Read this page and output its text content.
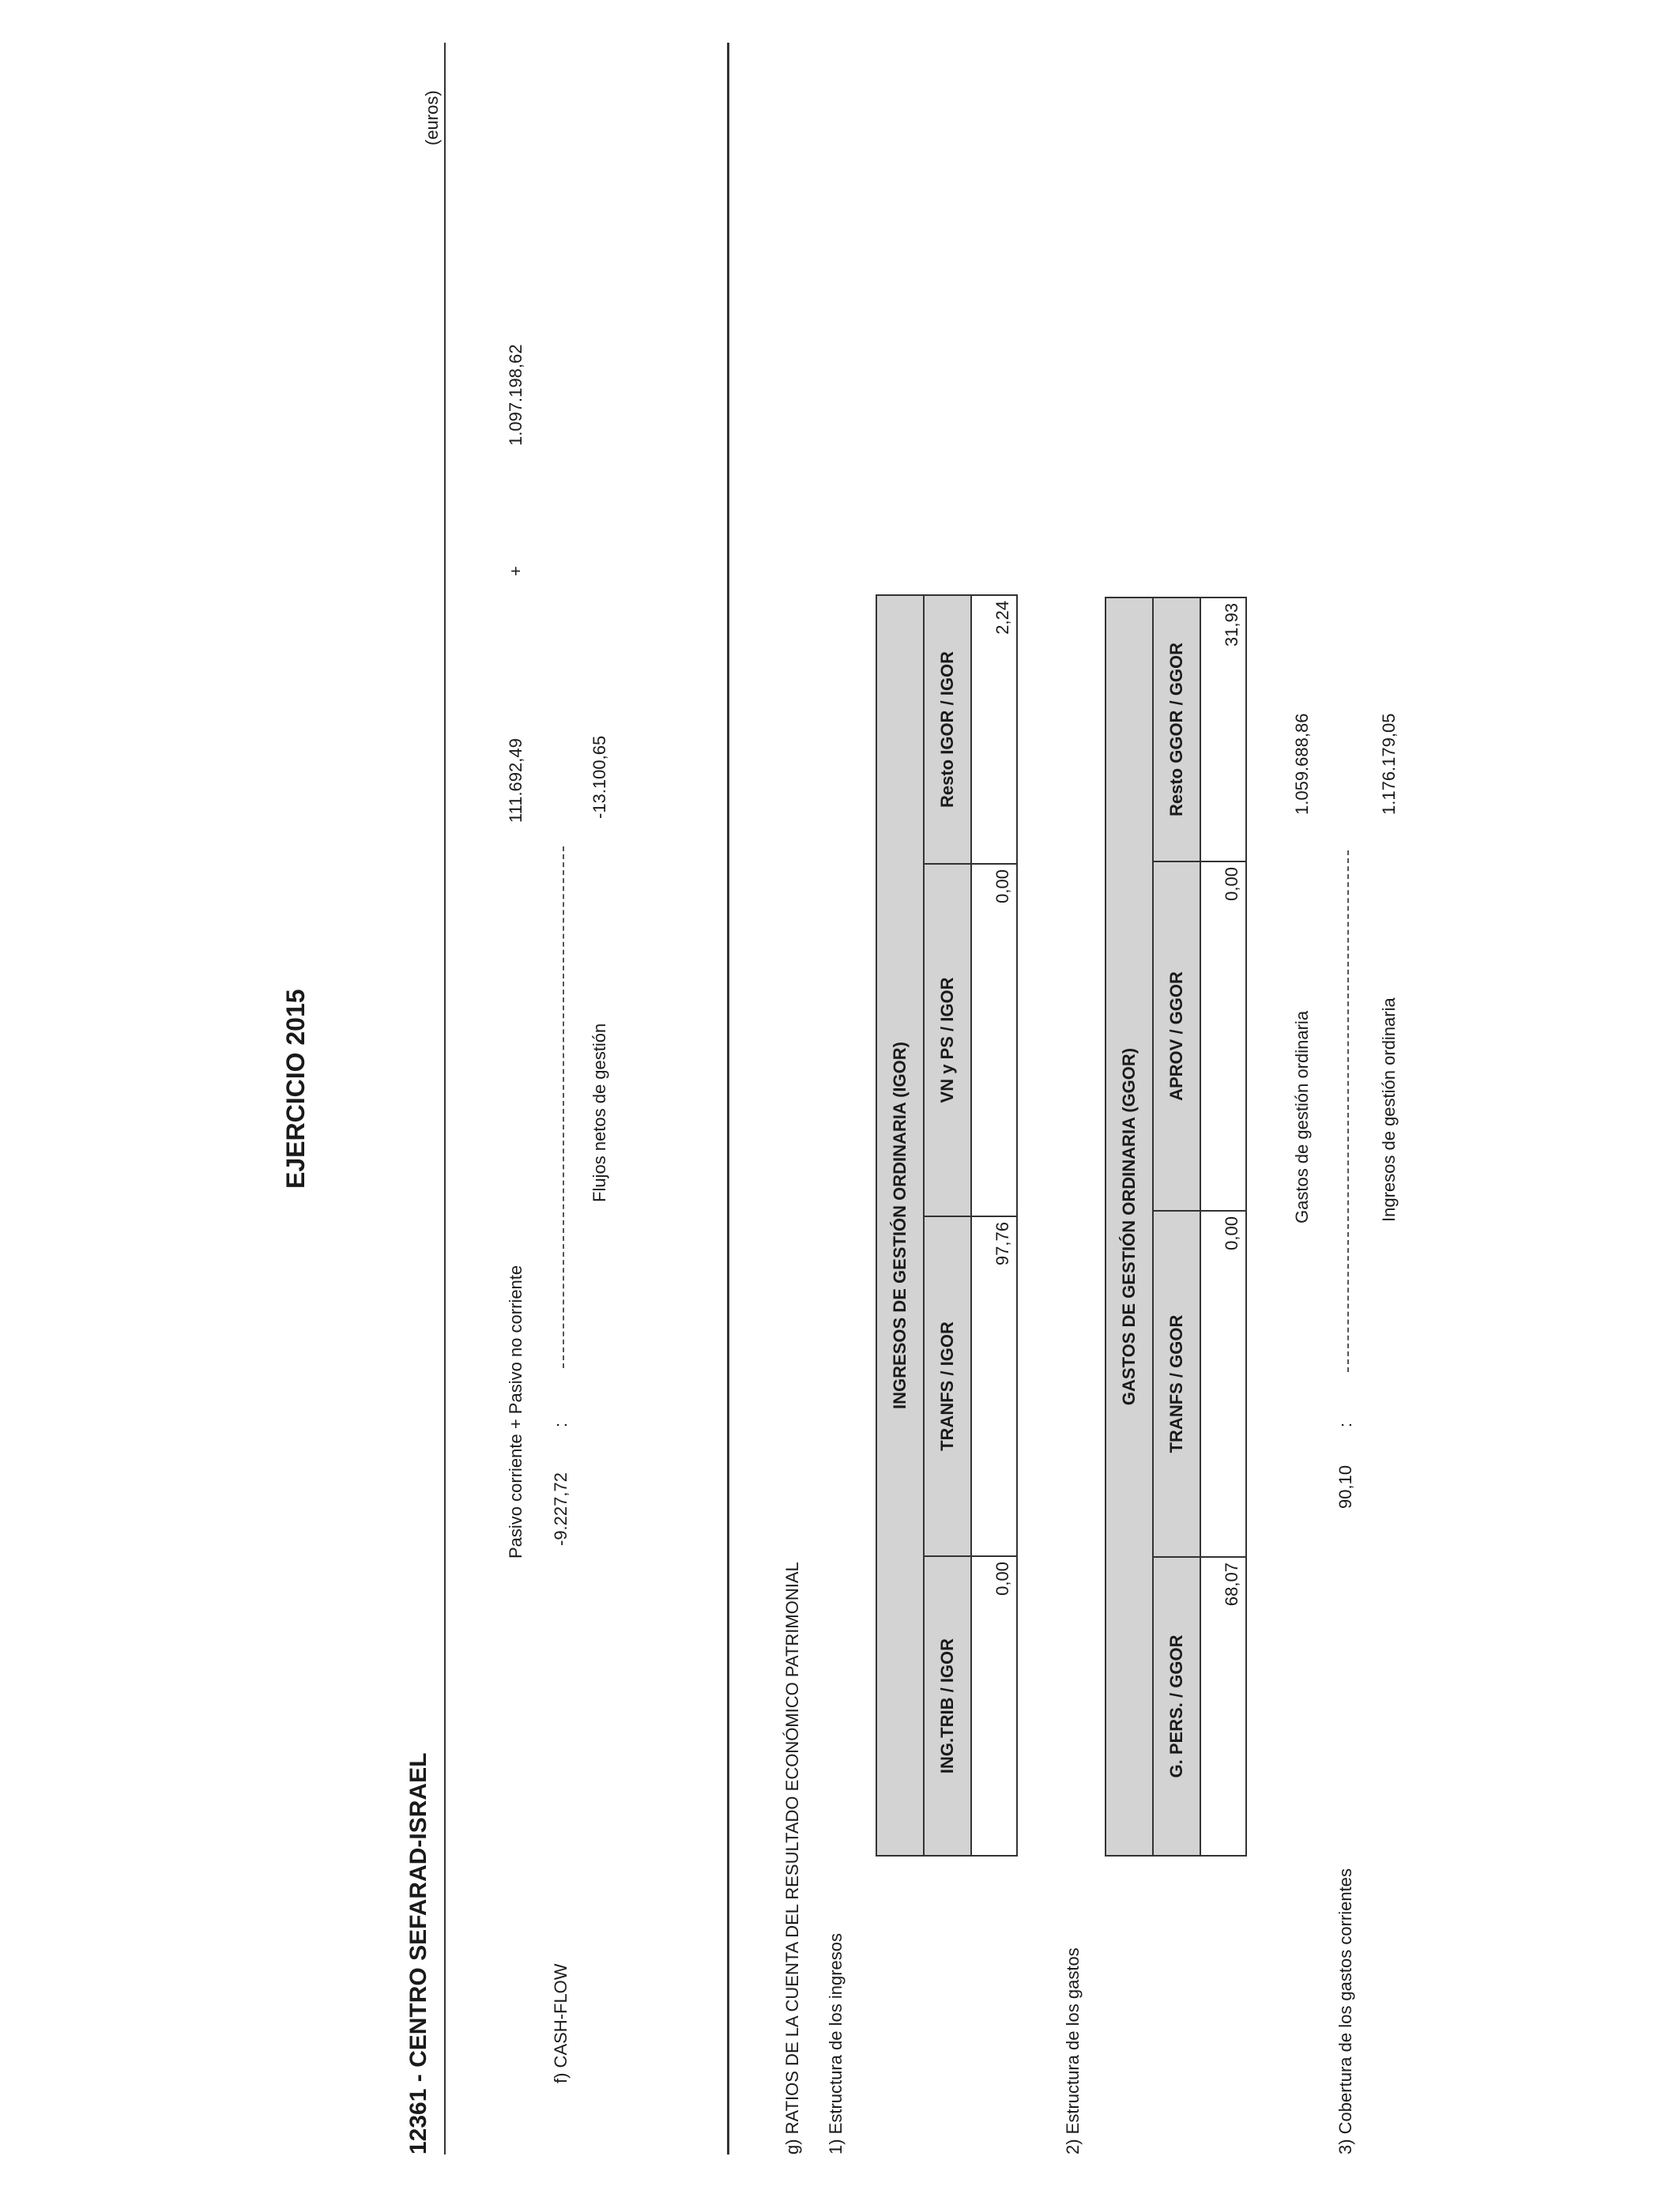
EJERCICIO 2015
12361 - CENTRO SEFARAD-ISRAEL
(euros)
Pasivo corriente + Pasivo no corriente
111.692,49
+
1.097.198,62
f) CASH-FLOW
-9.227,72
:
Flujos netos de gestión
-13.100,65
g) RATIOS DE LA CUENTA DEL RESULTADO ECONÓMICO PATRIMONIAL 1) Estructura de los ingresos
INGRESOS DE GESTIÓN ORDINARIA (IGOR)			
ING.TRIB / IGOR	TRANFS / IGOR	VN y PS / IGOR	Resto IGOR / IGOR
0,00	97,76	0,00	2,24
2) Estructura de los gastos
GASTOS DE GESTIÓN ORDINARIA (GGOR)			
G. PERS. / GGOR	TRANFS / GGOR	APROV / GGOR	Resto GGOR / GGOR
68,07	0,00	0,00	31,93
Gastos de gestión ordinaria
1.059.688,86
3) Cobertura de los gastos corrientes
90,10
:
Ingresos de gestión ordinaria
1.176.179,05
